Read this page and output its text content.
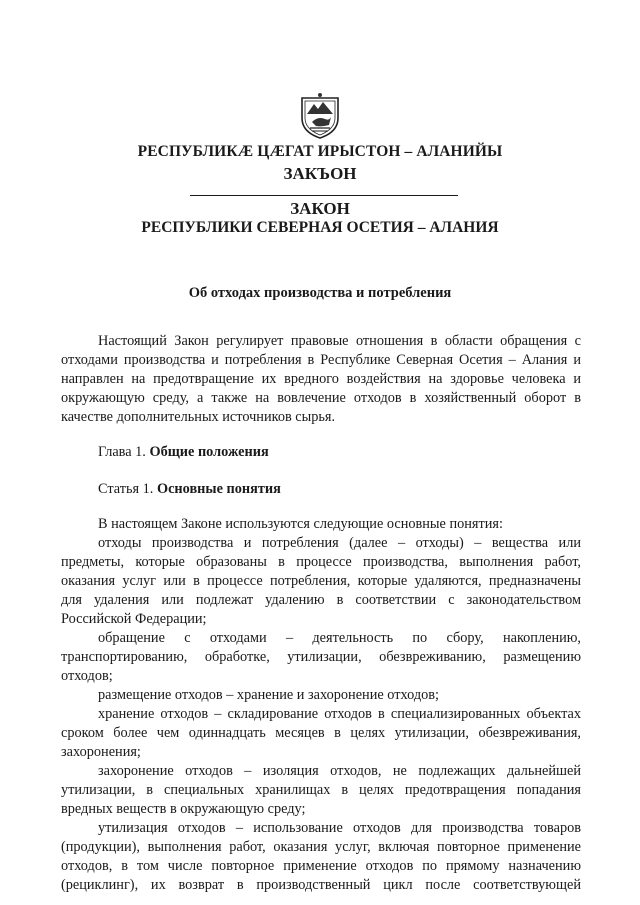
РЕСПУБЛИКÆ ЦÆГАТ ИРЫСТОН – АЛАНИЙЫ
ЗАКЪОН
ЗАКОН
РЕСПУБЛИКИ СЕВЕРНАЯ ОСЕТИЯ – АЛАНИЯ
Об отходах производства и потребления
Настоящий Закон регулирует правовые отношения в области обращения с
отходами производства и потребления в Республике Северная Осетия – Алания и
направлен на предотвращение их вредного воздействия на здоровье человека и
окружающую среду, а также на вовлечение отходов в хозяйственный оборот в
качестве дополнительных источников сырья.
Глава 1. Общие положения
Статья 1. Основные понятия
В настоящем Законе используются следующие основные понятия:
отходы производства и потребления (далее – отходы) – вещества или
предметы, которые образованы в процессе производства, выполнения работ,
оказания услуг или в процессе потребления, которые удаляются, предназначены
для удаления или подлежат удалению в соответствии с законодательством
Российской Федерации;
обращение с отходами – деятельность по сбору, накоплению,
транспортированию, обработке, утилизации, обезвреживанию, размещению
отходов;
размещение отходов – хранение и захоронение отходов;
хранение отходов – складирование отходов в специализированных объектах
сроком более чем одиннадцать месяцев в целях утилизации, обезвреживания,
захоронения;
захоронение отходов – изоляция отходов, не подлежащих дальнейшей
утилизации, в специальных хранилищах в целях предотвращения попадания
вредных веществ в окружающую среду;
утилизация отходов – использование отходов для производства товаров
(продукции), выполнения работ, оказания услуг, включая повторное применение
отходов, в том числе повторное применение отходов по прямому назначению
(рециклинг), их возврат в производственный цикл после соответствующей
